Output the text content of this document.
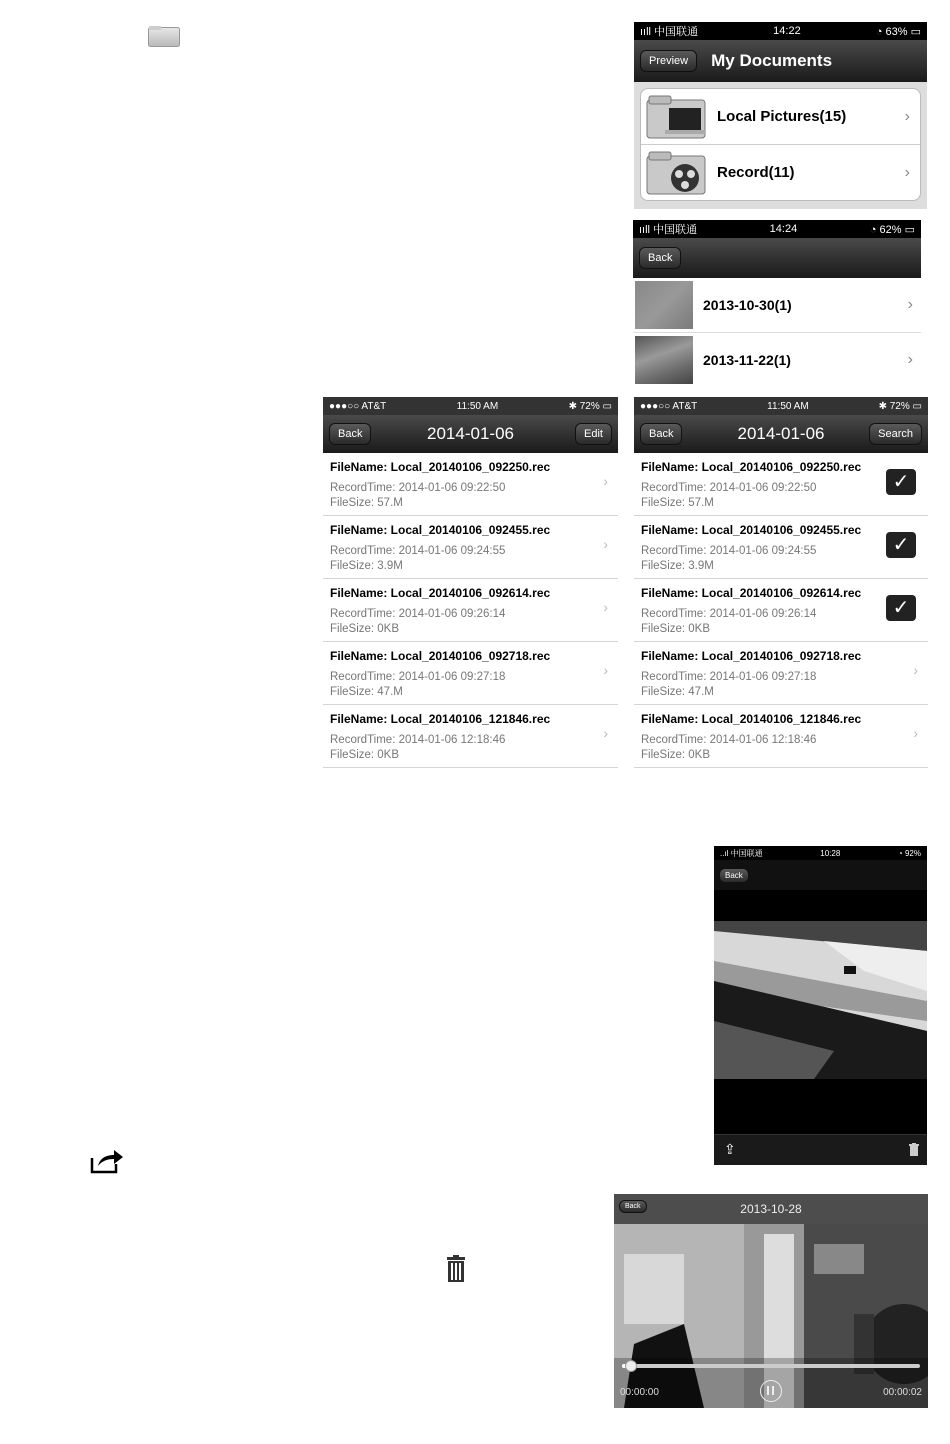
ııll 中国联通	14:22	◔ 63% ▭
Preview	My Documents
Local Pictures(15)	›
Record(11)	›
ııll 中国联通	14:24	◔ 62% ▭
Back
2013-10-30(1)	›
2013-11-22(1)	›
●●●○○ AT&T	11:50 AM	✱ 72% ▭
Back	2014-01-06	Edit
FileName: Local_20140106_092250.rec
RecordTime: 2014-01-06 09:22:50
FileSize: 57.M
›
FileName: Local_20140106_092455.rec
RecordTime: 2014-01-06 09:24:55
FileSize: 3.9M
›
FileName: Local_20140106_092614.rec
RecordTime: 2014-01-06 09:26:14
FileSize: 0KB
›
FileName: Local_20140106_092718.rec
RecordTime: 2014-01-06 09:27:18
FileSize: 47.M
›
FileName: Local_20140106_121846.rec
RecordTime: 2014-01-06 12:18:46
FileSize: 0KB
›
●●●○○ AT&T	11:50 AM	✱ 72% ▭
Back	2014-01-06	Search
FileName: Local_20140106_092250.rec
RecordTime: 2014-01-06 09:22:50
FileSize: 57.M
✓
FileName: Local_20140106_092455.rec
RecordTime: 2014-01-06 09:24:55
FileSize: 3.9M
✓
FileName: Local_20140106_092614.rec
RecordTime: 2014-01-06 09:26:14
FileSize: 0KB
✓
FileName: Local_20140106_092718.rec
RecordTime: 2014-01-06 09:27:18
FileSize: 47.M
›
FileName: Local_20140106_121846.rec
RecordTime: 2014-01-06 12:18:46
FileSize: 0KB
›
..ıl 中国联通	10:28	◔ 92%
Back
⇪
Back	2013-10-28
00:00:00	00:00:02
